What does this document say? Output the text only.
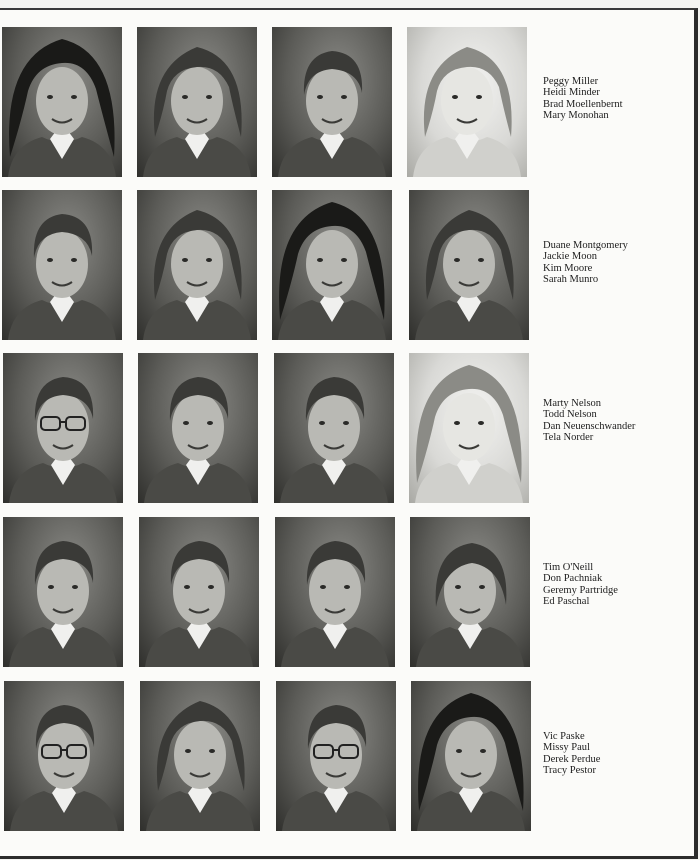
Peggy Miller
Heidi Minder
Brad Moellenbernt
Mary Monohan
Duane Montgomery
Jackie Moon
Kim Moore
Sarah Munro
Marty Nelson
Todd Nelson
Dan Neuenschwander
Tela Norder
Tim O'Neill
Don Pachniak
Geremy Partridge
Ed Paschal
Vic Paske
Missy Paul
Derek Perdue
Tracy Pestor
